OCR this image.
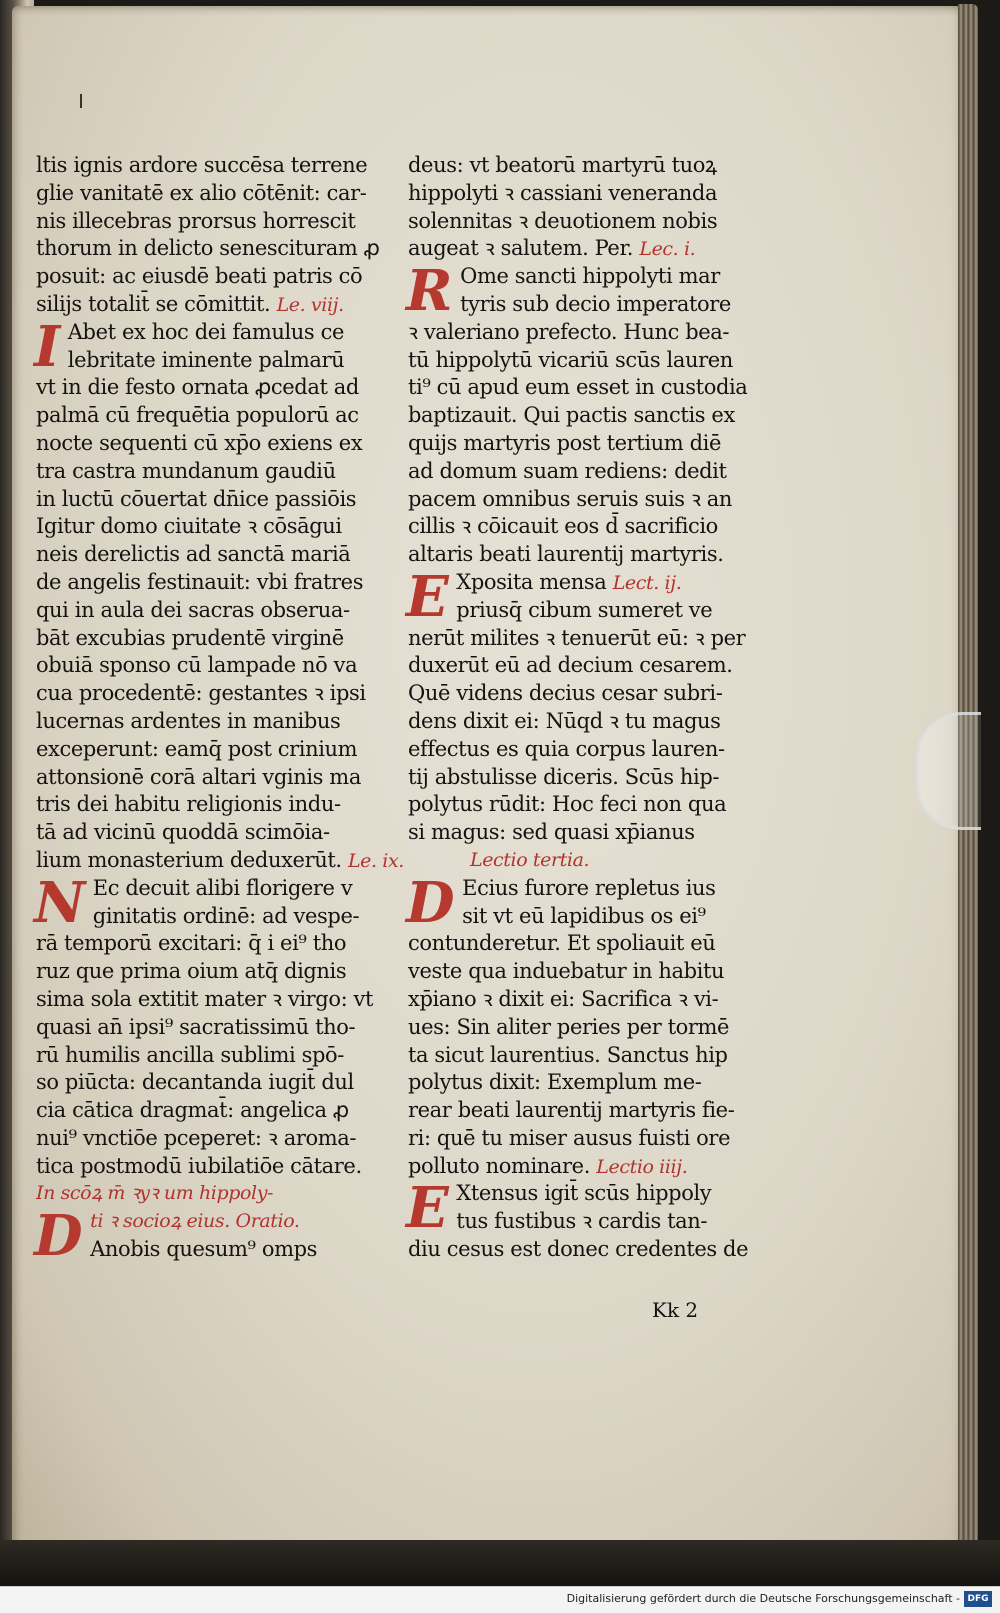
ltis ignis ardore succēsa terrene
glie vanitatē ex alio cōtēnit: car-
nis illecebras prorsus horrescit
thorum in delicto senescituram ꝓ
posuit: ac eiusdē beati patris cō
silijs totalit̄ se cōmittit. Le. viij.
I Abet ex hoc dei famulus ce
lebritate iminente palmarū
vt in die festo ornata ꝓcedat ad
palmā cū frequētia populorū ac
nocte sequenti cū xp̄o exiens ex
tra castra mundanum gaudiū
in luctū cōuertat dn̄ice passiōis
Igitur domo ciuitate ꝛ cōsāgui
neis derelictis ad sanctā mariā
de angelis festinauit: vbi fratres
qui in aula dei sacras obserua-
bāt excubias prudentē virginē
obuiā sponso cū lampade nō va
cua procedentē: gestantes ꝛ ipsi
lucernas ardentes in manibus
exceperunt: eamq̄ post crinium
attonsionē corā altari vginis ma
tris dei habitu religionis indu-
tā ad vicinū quoddā scimōia-
lium monasterium deduxerūt. Le. ix.
N Ec decuit alibi florigere v
ginitatis ordinē: ad vespe-
rā temporū excitari: q̄ i ei⁹ tho
ruz que prima oium atq̄ dignis
sima sola extitit mater ꝛ virgo: vt
quasi an̄ ipsi⁹ sacratissimū tho-
rū humilis ancilla sublimi spō-
so piūcta: decantanda iugit̄ dul
cia cātica dragmat̄: angelica ꝓ
nui⁹ vnctiōe pceperet: ꝛ aroma-
tica postmodū iubilatiōe cātare.
In scōꝝ m̄ ꝛyꝛ um hippoly-
D ti ꝛ socioꝝ eius. Oratio.
Anobis quesum⁹ omps
deus: vt beatorū martyrū tuoꝝ
hippolyti ꝛ cassiani veneranda
solennitas ꝛ deuotionem nobis
augeat ꝛ salutem. Per. Lec. i.
R Ome sancti hippolyti mar
tyris sub decio imperatore
ꝛ valeriano prefecto. Hunc bea-
tū hippolytū vicariū scūs lauren
ti⁹ cū apud eum esset in custodia
baptizauit. Qui pactis sanctis ex
quijs martyris post tertium diē
ad domum suam rediens: dedit
pacem omnibus seruis suis ꝛ an
cillis ꝛ cōicauit eos d̄ sacrificio
altaris beati laurentij martyris.
E Xposita mensa Lect. ij.
priusq̄ cibum sumeret ve
nerūt milites ꝛ tenuerūt eū: ꝛ per
duxerūt eū ad decium cesarem.
Quē videns decius cesar subri-
dens dixit ei: Nūqd ꝛ tu magus
effectus es quia corpus lauren-
tij abstulisse diceris. Scūs hip-
polytus rūdit: Hoc feci non qua
si magus: sed quasi xp̄ianus
Lectio tertia.
D Ecius furore repletus ius
sit vt eū lapidibus os ei⁹
contunderetur. Et spoliauit eū
veste qua induebatur in habitu
xp̄iano ꝛ dixit ei: Sacrifica ꝛ vi-
ues: Sin aliter peries per tormē
ta sicut laurentius. Sanctus hip
polytus dixit: Exemplum me-
rear beati laurentij martyris fie-
ri: quē tu miser ausus fuisti ore
polluto nominare. Lectio iiij.
E Xtensus igit̄ scūs hippoly
tus fustibus ꝛ cardis tan-
diu cesus est donec credentes de
Kk 2
Digitalisierung gefördert durch die Deutsche Forschungsgemeinschaft - DFG
